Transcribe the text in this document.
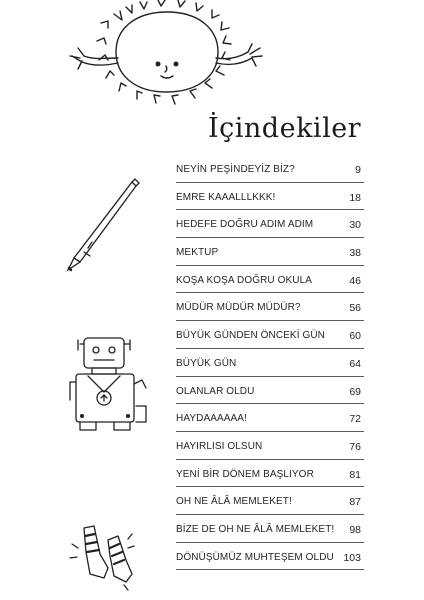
İçindekiler
NEYİN PEŞİNDEYİZ BİZ?	9
EMRE KAAALLLKKK!	18
HEDEFE DOĞRU ADIM ADIM	30
MEKTUP	38
KOŞA KOŞA DOĞRU OKULA	46
MÜDÜR MÜDÜR MÜDÜR?	56
BÜYÜK GÜNDEN ÖNCEKİ GÜN 60
BÜYÜK GÜN	64
OLANLAR OLDU	69
HAYDAAAAAA!	72
HAYIRLISI OLSUN	76
YENİ BİR DÖNEM BAŞLIYOR	81
OH NE ÂLÂ MEMLEKET!	87
BİZE DE OH NE ÂLÂ MEMLEKET! 98
DÖNÜŞÜMÜZ MUHTEŞEM OLDU 103
